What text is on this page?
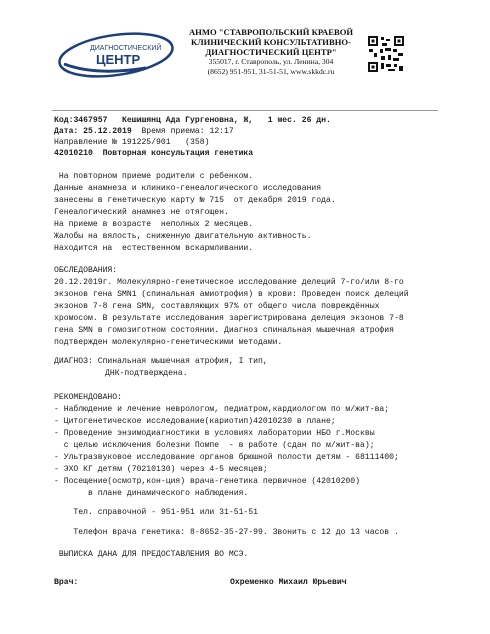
ДИАГНОСТИЧЕСКИЙ
ЦЕНТР
АНМО "СТАВРОПОЛЬСКИЙ КРАЕВОЙ
КЛИНИЧЕСКИЙ КОНСУЛЬТАТИВНО-
ДИАГНОСТИЧЕСКИЙ ЦЕНТР"
355017, г. Ставрополь, ул. Ленина, 304
(8652) 951-951, 31-51-51, www.skkdc.ru
Код:3467957 Кешишянц Ада Гургеновна, Ж, 1 мес. 26 дн.
Дата: 25.12.2019 Время приема: 12:17
Направление № 191225/901 (358)
42010210 Повторная консультация генетика
На повторном приеме родители с ребенком.
Данные анамнеза и клинико-генеалогического исследования
занесены в генетическую карту № 715  от декабря 2019 года.
Генеалогический анамнез не отягощен.
На приеме в возрасте  неполных 2 месяцев.
Жалобы на вялость, сниженную двигательную активность.
Находится на  естественном вскармливании.
ОБСЛЕДОВАНИЯ:
20.12.2019г. Молекулярно-генетическое исследование делеций 7-го/или 8-го
экзонов гена SMN1 (спинальная амиотрофия) в крови: Проведен поиск делеций
экзонов 7-8 гена SMN, составляющих 97% от общего числа повреждённых
хромосом. В результате исследования зарегистрирована делеция экзонов 7-8
гена SMN в гомозиготном состоянии. Диагноз спинальная мышечная атрофия
подтвержден молекулярно-генетическими методами.
ДИАГНОЗ: Спинальная мышечная атрофия, I тип,
ДНК-подтверждена.
РЕКОМЕНДОВАНО:
- Наблюдение и лечение неврологом, педиатром,кардиологом по м/жит-ва;
- Цитогенетическое исследование(кариотип)42010230 в плане;
- Проведение энзимодиагностики в условиях лаборатории НБО г.Москвы
с целью исключения болезни Помпе  - в работе (сдан по м/жит-ва);
- Ультразвуковое исследование органов брюшной полости детям - 68111400;
- ЭХО КГ детям (70210130) через 4-5 месяцев;
- Посещение(осмотр,кон-ция) врача-генетика первичное (42010200)
в плане динамического наблюдения.
Тел. справочной - 951-951 или 31-51-51
Телефон врача генетика: 8-8652-35-27-99. Звонить с 12 до 13 часов .
ВЫПИСКА ДАНА ДЛЯ ПРЕДОСТАВЛЕНИЯ ВО МСЭ.
Врач:	Охременко Михаил Юрьевич
